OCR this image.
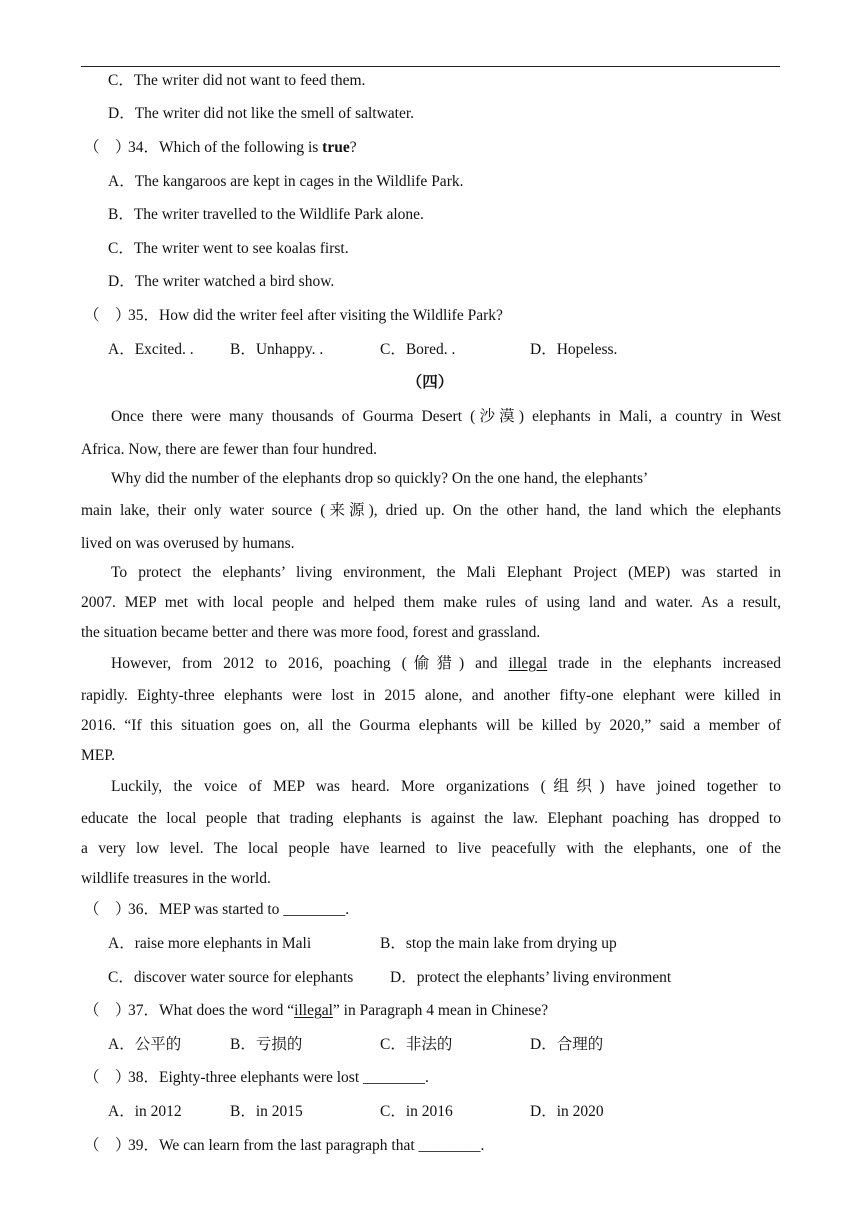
C．The writer did not want to feed them.
D．The writer did not like the smell of saltwater.
（　）34．Which of the following is true?
A．The kangaroos are kept in cages in the Wildlife Park.
B．The writer travelled to the Wildlife Park alone.
C．The writer went to see koalas first.
D．The writer watched a bird show.
（　）35．How did the writer feel after visiting the Wildlife Park?
A．Excited. . B．Unhappy. .	C．Bored. .	D．Hopeless.
（四）
Once there were many thousands of Gourma Desert (沙漠) elephants in Mali, a country in West
Africa. Now, there are fewer than four hundred.
Why did the number of the elephants drop so quickly? On the one hand, the elephants’
main lake, their only water source (来源), dried up. On the other hand, the land which the elephants
lived on was overused by humans.
To protect the elephants’ living environment, the Mali Elephant Project (MEP) was started in
2007. MEP met with local people and helped them make rules of using land and water. As a result,
the situation became better and there was more food, forest and grassland.
However, from 2012 to 2016, poaching (偷猎) and illegal trade in the elephants increased
rapidly. Eighty-three elephants were lost in 2015 alone, and another fifty-one elephant were killed in
2016. “If this situation goes on, all the Gourma elephants will be killed by 2020,” said a member of
MEP.
Luckily, the voice of MEP was heard. More organizations (组织) have joined together to
educate the local people that trading elephants is against the law. Elephant poaching has dropped to
a very low level. The local people have learned to live peacefully with the elephants, one of the
wildlife treasures in the world.
（　）36．MEP was started to ________.
A．raise more elephants in Mali	B．stop the main lake from drying up
C．discover water source for elephants D．protect the elephants’ living environment
（　）37．What does the word “illegal” in Paragraph 4 mean in Chinese?
A．公平的	B．亏损的	C．非法的	D．合理的
（　）38．Eighty-three elephants were lost ________.
A．in 2012	B．in 2015	C．in 2016	D．in 2020
（　）39．We can learn from the last paragraph that ________.
